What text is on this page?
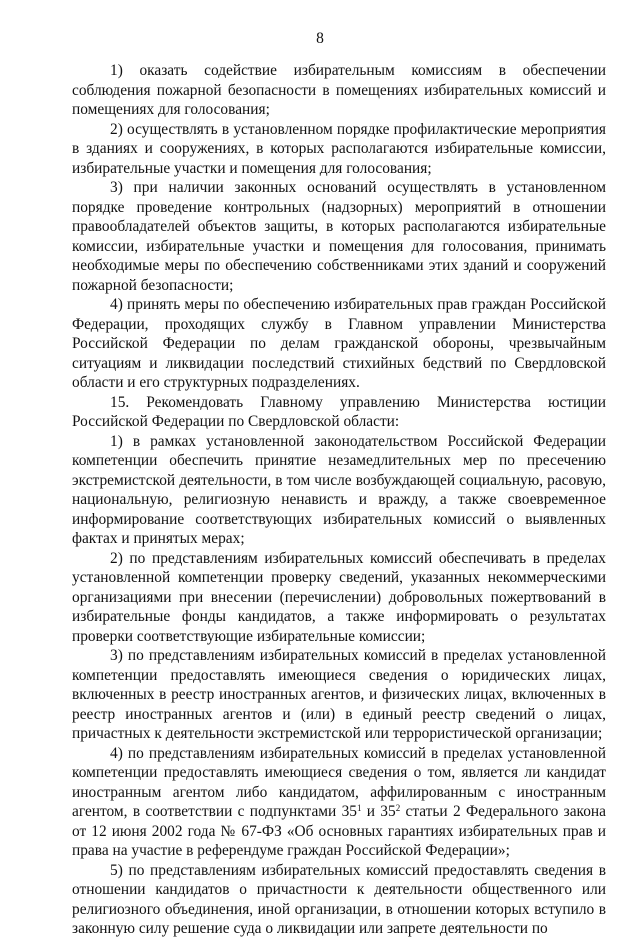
8

1) оказать содействие избирательным комиссиям в обеспечении соблюдения пожарной безопасности в помещениях избирательных комиссий и помещениях для голосования;

2) осуществлять в установленном порядке профилактические мероприятия в зданиях и сооружениях, в которых располагаются избирательные комиссии, избирательные участки и помещения для голосования;

3) при наличии законных оснований осуществлять в установленном порядке проведение контрольных (надзорных) мероприятий в отношении правообладателей объектов защиты, в которых располагаются избирательные комиссии, избирательные участки и помещения для голосования, принимать необходимые меры по обеспечению собственниками этих зданий и сооружений пожарной безопасности;

4) принять меры по обеспечению избирательных прав граждан Российской Федерации, проходящих службу в Главном управлении Министерства Российской Федерации по делам гражданской обороны, чрезвычайным ситуациям и ликвидации последствий стихийных бедствий по Свердловской области и его структурных подразделениях.

15. Рекомендовать Главному управлению Министерства юстиции Российской Федерации по Свердловской области:

1) в рамках установленной законодательством Российской Федерации компетенции обеспечить принятие незамедлительных мер по пресечению экстремистской деятельности, в том числе возбуждающей социальную, расовую, национальную, религиозную ненависть и вражду, а также своевременное информирование соответствующих избирательных комиссий о выявленных фактах и принятых мерах;

2) по представлениям избирательных комиссий обеспечивать в пределах установленной компетенции проверку сведений, указанных некоммерческими организациями при внесении (перечислении) добровольных пожертвований в избирательные фонды кандидатов, а также информировать о результатах проверки соответствующие избирательные комиссии;

3) по представлениям избирательных комиссий в пределах установленной компетенции предоставлять имеющиеся сведения о юридических лицах, включенных в реестр иностранных агентов, и физических лицах, включенных в реестр иностранных агентов и (или) в единый реестр сведений о лицах, причастных к деятельности экстремистской или террористической организации;

4) по представлениям избирательных комиссий в пределах установленной компетенции предоставлять имеющиеся сведения о том, является ли кандидат иностранным агентом либо кандидатом, аффилированным с иностранным агентом, в соответствии с подпунктами $35^1$ и $35^2$ статьи 2 Федерального закона от 12 июня 2002 года № 67-ФЗ «Об основных гарантиях избирательных прав и права на участие в референдуме граждан Российской Федерации»;

5) по представлениям избирательных комиссий предоставлять сведения в отношении кандидатов о причастности к деятельности общественного или религиозного объединения, иной организации, в отношении которых вступило в законную силу решение суда о ликвидации или запрете деятельности по
